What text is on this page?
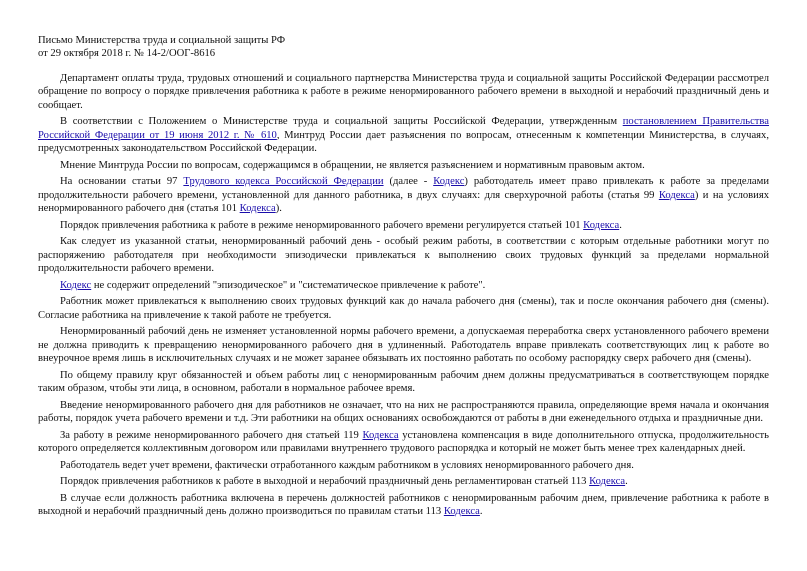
Письмо Министерства труда и социальной защиты РФ
от 29 октября 2018 г. № 14-2/ООГ-8616

Департамент оплаты труда, трудовых отношений и социального партнерства Министерства труда и социальной защиты Российской Федерации рассмотрел обращение по вопросу о порядке привлечения работника к работе в режиме ненормированного рабочего времени в выходной и нерабочий праздничный день и сообщает.

В соответствии с Положением о Министерстве труда и социальной защиты Российской Федерации, утвержденным постановлением Правительства Российской Федерации от 19 июня 2012 г. № 610, Минтруд России дает разъяснения по вопросам, отнесенным к компетенции Министерства, в случаях, предусмотренных законодательством Российской Федерации.

Мнение Минтруда России по вопросам, содержащимся в обращении, не является разъяснением и нормативным правовым актом.

На основании статьи 97 Трудового кодекса Российской Федерации (далее - Кодекс) работодатель имеет право привлекать к работе за пределами продолжительности рабочего времени, установленной для данного работника, в двух случаях: для сверхурочной работы (статья 99 Кодекса) и на условиях ненормированного рабочего дня (статья 101 Кодекса).

Порядок привлечения работника к работе в режиме ненормированного рабочего времени регулируется статьей 101 Кодекса.

Как следует из указанной статьи, ненормированный рабочий день - особый режим работы, в соответствии с которым отдельные работники могут по распоряжению работодателя при необходимости эпизодически привлекаться к выполнению своих трудовых функций за пределами нормальной продолжительности рабочего времени.

Кодекс не содержит определений "эпизодическое" и "систематическое привлечение к работе".

Работник может привлекаться к выполнению своих трудовых функций как до начала рабочего дня (смены), так и после окончания рабочего дня (смены). Согласие работника на привлечение к такой работе не требуется.

Ненормированный рабочий день не изменяет установленной нормы рабочего времени, а допускаемая переработка сверх установленного рабочего времени не должна приводить к превращению ненормированного рабочего дня в удлиненный. Работодатель вправе привлекать соответствующих лиц к работе во внеурочное время лишь в исключительных случаях и не может заранее обязывать их постоянно работать по особому распорядку сверх рабочего дня (смены).

По общему правилу круг обязанностей и объем работы лиц с ненормированным рабочим днем должны предусматриваться в соответствующем порядке таким образом, чтобы эти лица, в основном, работали в нормальное рабочее время.

Введение ненормированного рабочего дня для работников не означает, что на них не распространяются правила, определяющие время начала и окончания работы, порядок учета рабочего времени и т.д. Эти работники на общих основаниях освобождаются от работы в дни еженедельного отдыха и праздничные дни.

За работу в режиме ненормированного рабочего дня статьей 119 Кодекса установлена компенсация в виде дополнительного отпуска, продолжительность которого определяется коллективным договором или правилами внутреннего трудового распорядка и который не может быть менее трех календарных дней.

Работодатель ведет учет времени, фактически отработанного каждым работником в условиях ненормированного рабочего дня.

Порядок привлечения работников к работе в выходной и нерабочий праздничный день регламентирован статьей 113 Кодекса.

В случае если должность работника включена в перечень должностей работников с ненормированным рабочим днем, привлечение работника к работе в выходной и нерабочий праздничный день должно производиться по правилам статьи 113 Кодекса.
